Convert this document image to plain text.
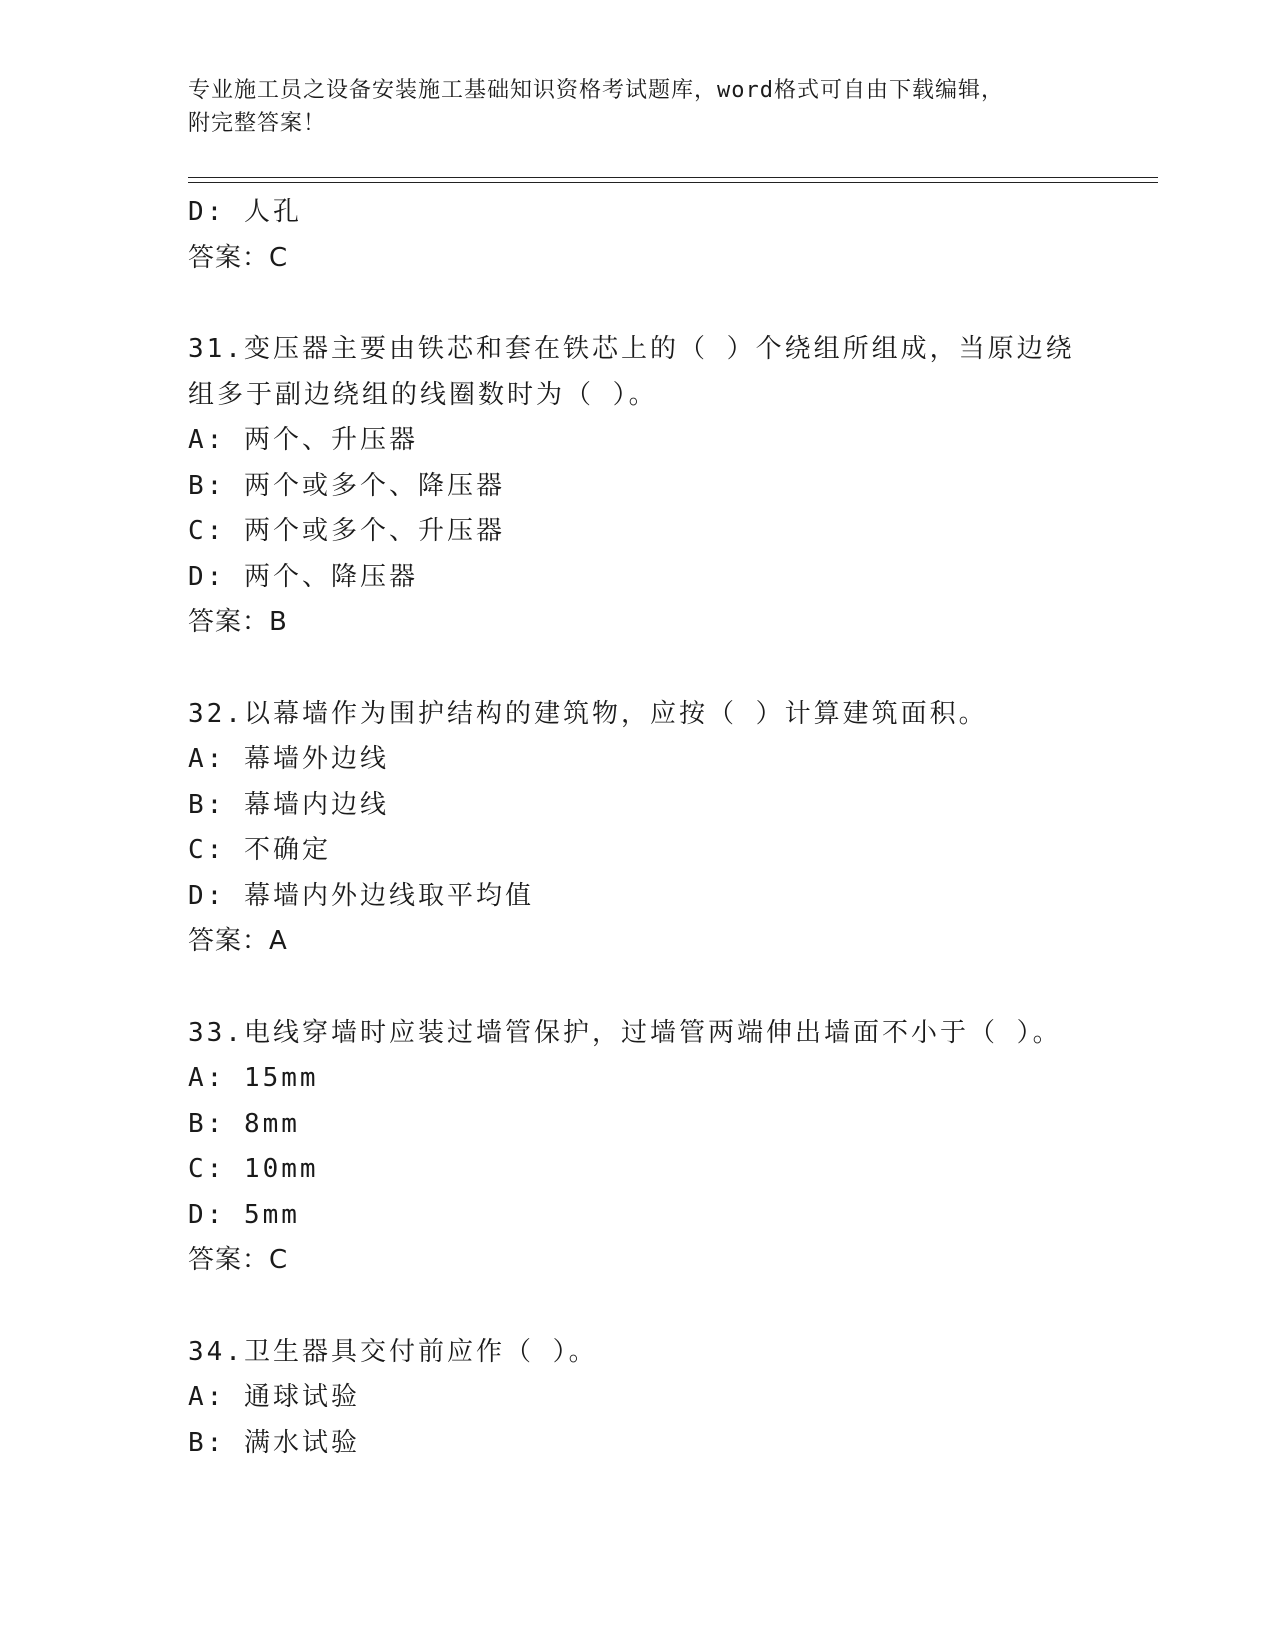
专业施工员之设备安装施工基础知识资格考试题库，word格式可自由下载编辑，
附完整答案！
D: 人孔
答案：C
31.变压器主要由铁芯和套在铁芯上的（ ）个绕组所组成，当原边绕
组多于副边绕组的线圈数时为（ ）。
A: 两个、升压器
B: 两个或多个、降压器
C: 两个或多个、升压器
D: 两个、降压器
答案：B
32.以幕墙作为围护结构的建筑物，应按（ ）计算建筑面积。
A: 幕墙外边线
B: 幕墙内边线
C: 不确定
D: 幕墙内外边线取平均值
答案：A
33.电线穿墙时应装过墙管保护，过墙管两端伸出墙面不小于（ ）。
A: 15mm
B: 8mm
C: 10mm
D: 5mm
答案：C
34.卫生器具交付前应作（ ）。
A: 通球试验
B: 满水试验
